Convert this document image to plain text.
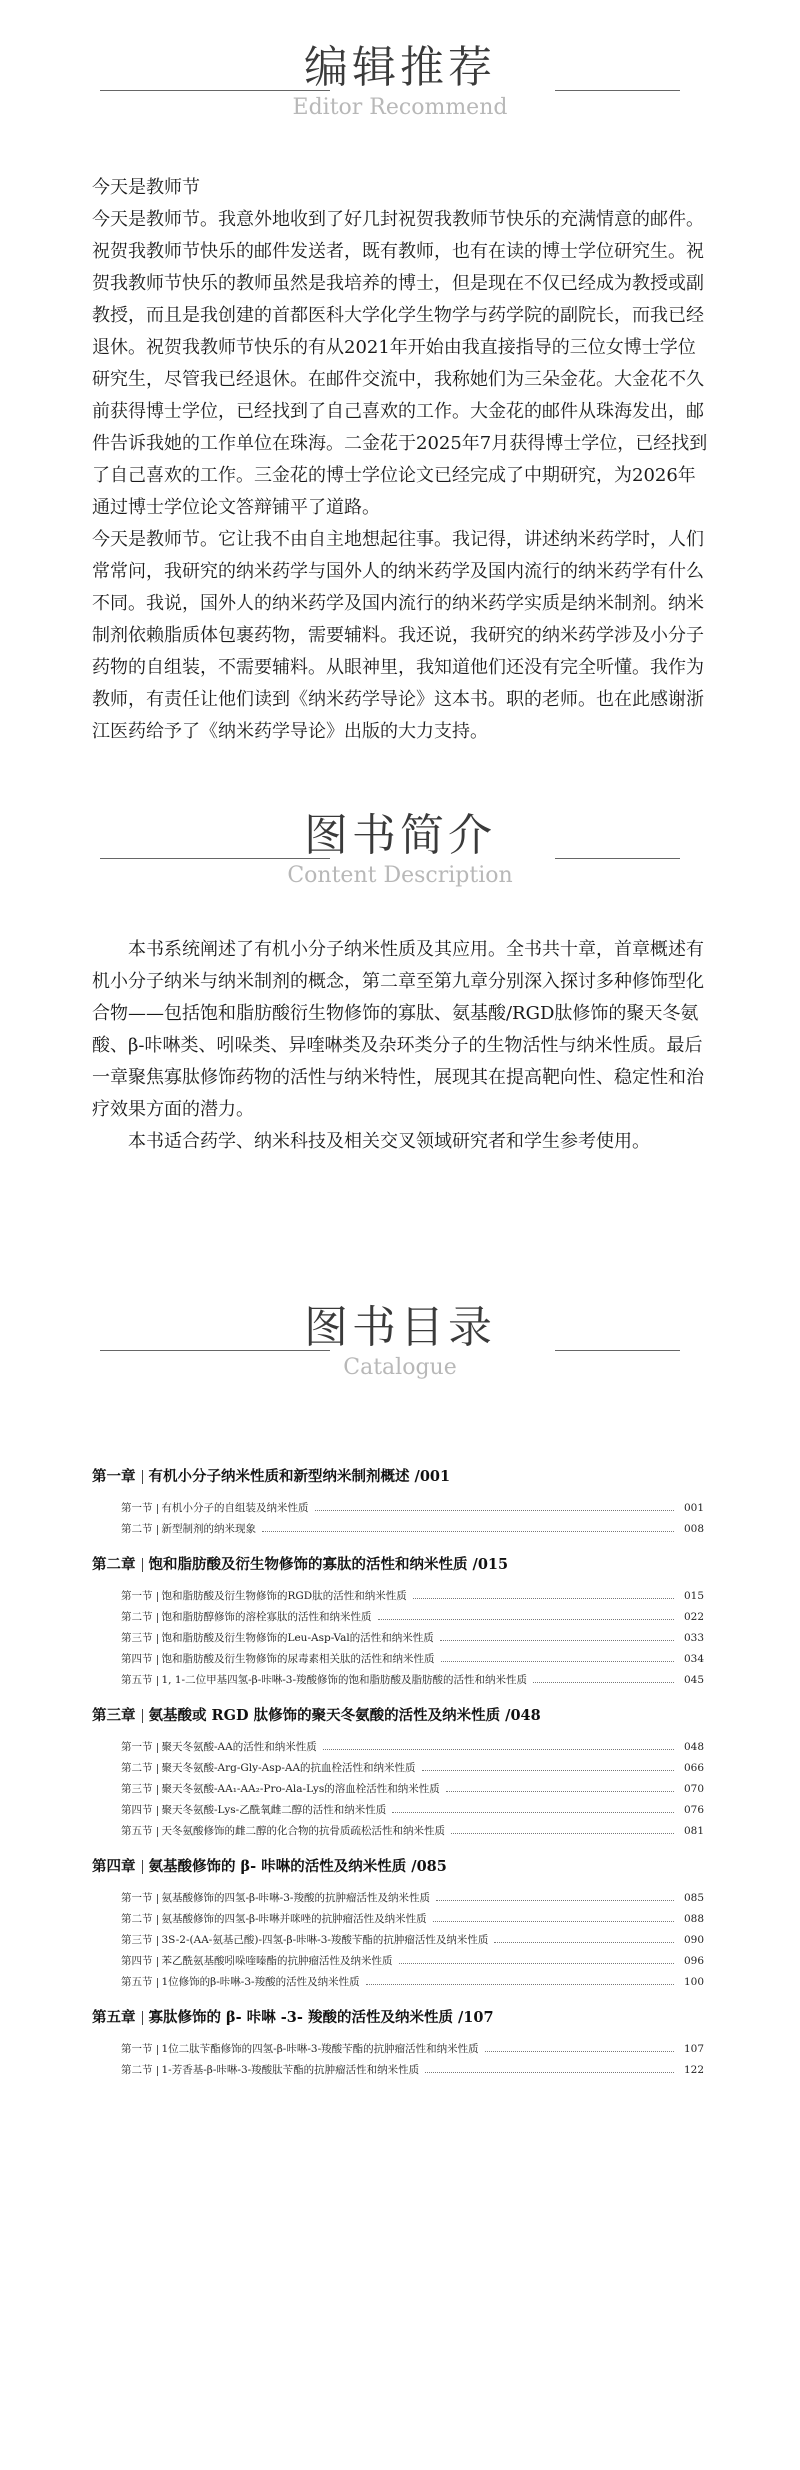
编辑推荐
Editor Recommend

今天是教师节

今天是教师节。我意外地收到了好几封祝贺我教师节快乐的充满情意的邮件。祝贺我教师节快乐的邮件发送者，既有教师，也有在读的博士学位研究生。祝贺我教师节快乐的教师虽然是我培养的博士，但是现在不仅已经成为教授或副教授，而且是我创建的首都医科大学化学生物学与药学院的副院长，而我已经退休。祝贺我教师节快乐的有从2021年开始由我直接指导的三位女博士学位研究生，尽管我已经退休。在邮件交流中，我称她们为三朵金花。大金花不久前获得博士学位，已经找到了自己喜欢的工作。大金花的邮件从珠海发出，邮件告诉我她的工作单位在珠海。二金花于2025年7月获得博士学位，已经找到了自己喜欢的工作。三金花的博士学位论文已经完成了中期研究，为2026年通过博士学位论文答辩铺平了道路。

今天是教师节。它让我不由自主地想起往事。我记得，讲述纳米药学时，人们常常问，我研究的纳米药学与国外人的纳米药学及国内流行的纳米药学有什么不同。我说，国外人的纳米药学及国内流行的纳米药学实质是纳米制剂。纳米制剂依赖脂质体包裹药物，需要辅料。我还说，我研究的纳米药学涉及小分子药物的自组装，不需要辅料。从眼神里，我知道他们还没有完全听懂。我作为教师，有责任让他们读到《纳米药学导论》这本书。职的老师。也在此感谢浙江医药给予了《纳米药学导论》出版的大力支持。

图书简介
Content Description

本书系统阐述了有机小分子纳米性质及其应用。全书共十章，首章概述有机小分子纳米与纳米制剂的概念，第二章至第九章分别深入探讨多种修饰型化合物——包括饱和脂肪酸衍生物修饰的寡肽、氨基酸/RGD肽修饰的聚天冬氨酸、β-咔啉类、吲哚类、异喹啉类及杂环类分子的生物活性与纳米性质。最后一章聚焦寡肽修饰药物的活性与纳米特性，展现其在提高靶向性、稳定性和治疗效果方面的潜力。

本书适合药学、纳米科技及相关交叉领域研究者和学生参考使用。

图书目录
Catalogue
第一章 有机小分子纳米性质和新型纳米制剂概述 /001
第一节 有机小分子的自组装及纳米性质	001
第二节 新型制剂的纳米现象	008
第二章 饱和脂肪酸及衍生物修饰的寡肽的活性和纳米性质 /015
第一节 饱和脂肪酸及衍生物修饰的RGD肽的活性和纳米性质	015
第二节 饱和脂肪醇修饰的溶栓寡肽的活性和纳米性质	022
第三节 饱和脂肪酸及衍生物修饰的Leu-Asp-Val的活性和纳米性质	033
第四节 饱和脂肪酸及衍生物修饰的尿毒素相关肽的活性和纳米性质	034
第五节 1, 1-二位甲基四氢-β-咔啉-3-羧酸修饰的饱和脂肪酸及脂肪酸的活性和纳米性质	045
第三章 氨基酸或 RGD 肽修饰的聚天冬氨酸的活性及纳米性质 /048
第一节 聚天冬氨酸-AA的活性和纳米性质	048
第二节 聚天冬氨酸-Arg-Gly-Asp-AA的抗血栓活性和纳米性质	066
第三节 聚天冬氨酸-AA₁-AA₂-Pro-Ala-Lys的溶血栓活性和纳米性质	070
第四节 聚天冬氨酸-Lys-乙酰氧雌二醇的活性和纳米性质	076
第五节 天冬氨酸修饰的雌二醇的化合物的抗骨质疏松活性和纳米性质	081
第四章 氨基酸修饰的 β- 咔啉的活性及纳米性质 /085
第一节 氨基酸修饰的四氢-β-咔啉-3-羧酸的抗肿瘤活性及纳米性质	085
第二节 氨基酸修饰的四氢-β-咔啉并咪唑的抗肿瘤活性及纳米性质	088
第三节 3S-2-(AA-氨基己酸)-四氢-β-咔啉-3-羧酸苄酯的抗肿瘤活性及纳米性质	090
第四节 苯乙酰氨基酸吲哚喹嗪酯的抗肿瘤活性及纳米性质	096
第五节 1位修饰的β-咔啉-3-羧酸的活性及纳米性质	100
第五章 寡肽修饰的 β- 咔啉 -3- 羧酸的活性及纳米性质 /107
第一节 1位二肽苄酯修饰的四氢-β-咔啉-3-羧酸苄酯的抗肿瘤活性和纳米性质	107
第二节 1-芳香基-β-咔啉-3-羧酸肽苄酯的抗肿瘤活性和纳米性质	122
